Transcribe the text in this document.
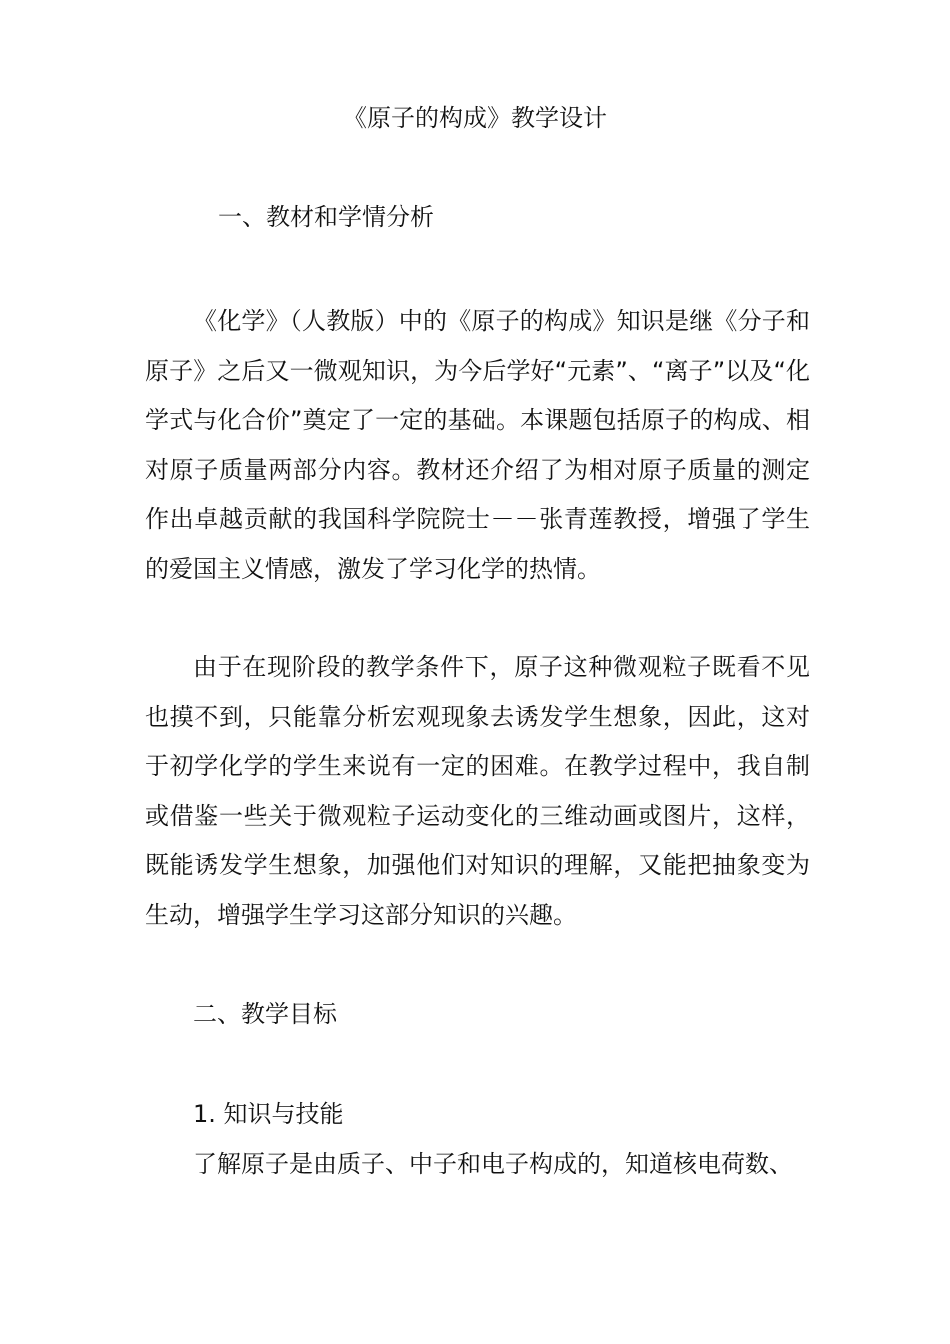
《原子的构成》教学设计
一、教材和学情分析

《化学》（人教版）中的《原子的构成》知识是继《分子和原子》之后又一微观知识，为今后学好“元素”、“离子”以及“化学式与化合价”奠定了一定的基础。本课题包括原子的构成、相对原子质量两部分内容。教材还介绍了为相对原子质量的测定作出卓越贡献的我国科学院院士－－张青莲教授，增强了学生的爱国主义情感，激发了学习化学的热情。

由于在现阶段的教学条件下，原子这种微观粒子既看不见也摸不到，只能靠分析宏观现象去诱发学生想象，因此，这对于初学化学的学生来说有一定的困难。在教学过程中，我自制或借鉴一些关于微观粒子运动变化的三维动画或图片，这样，既能诱发学生想象，加强他们对知识的理解，又能把抽象变为生动，增强学生学习这部分知识的兴趣。

二、教学目标
1. 知识与技能
了解原子是由质子、中子和电子构成的，知道核电荷数、
